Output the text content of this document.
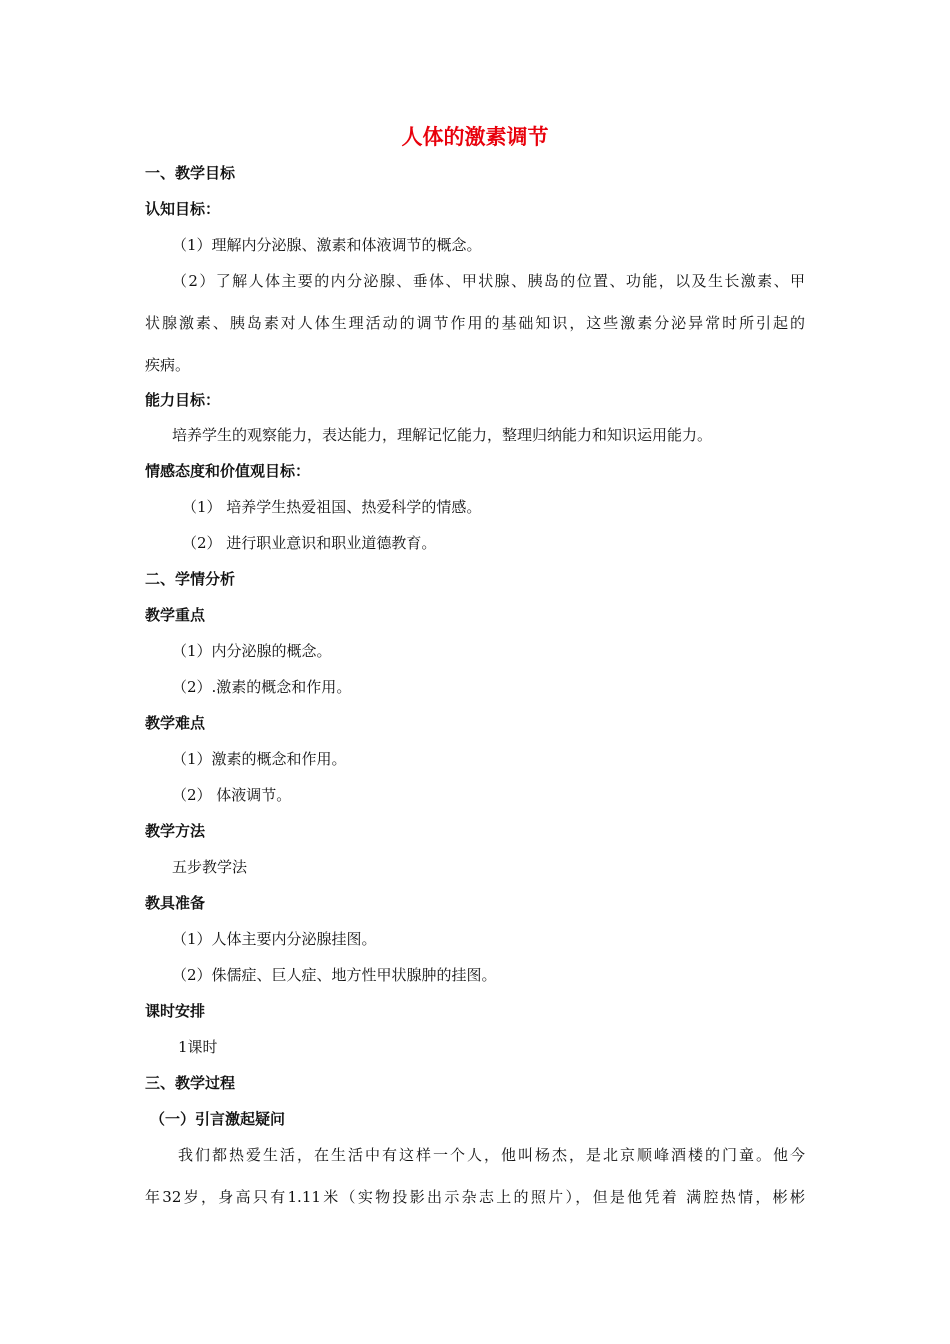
人体的激素调节
一、教学目标
认知目标：
（1）理解内分泌腺、激素和体液调节的概念。
（2）了解人体主要的内分泌腺、垂体、甲状腺、胰岛的位置、功能，以及生长激素、甲
状腺激素、胰岛素对人体生理活动的调节作用的基础知识，这些激素分泌异常时所引起的
疾病。
能力目标：
培养学生的观察能力，表达能力，理解记忆能力，整理归纳能力和知识运用能力。
情感态度和价值观目标：
（1） 培养学生热爱祖国、热爱科学的情感。
（2） 进行职业意识和职业道德教育。
二、学情分析
教学重点
（1）内分泌腺的概念。
（2）.激素的概念和作用。
教学难点
（1）激素的概念和作用。
（2） 体液调节。
教学方法
五步教学法
教具准备
（1）人体主要内分泌腺挂图。
（2）侏儒症、巨人症、地方性甲状腺肿的挂图。
课时安排
1课时
三、教学过程
（一）引言激起疑问
我们都热爱生活，在生活中有这样一个人，他叫杨杰，是北京顺峰酒楼的门童。他今
年32岁，身高只有1.11米（实物投影出示杂志上的照片），但是他凭着 满腔热情，彬彬
